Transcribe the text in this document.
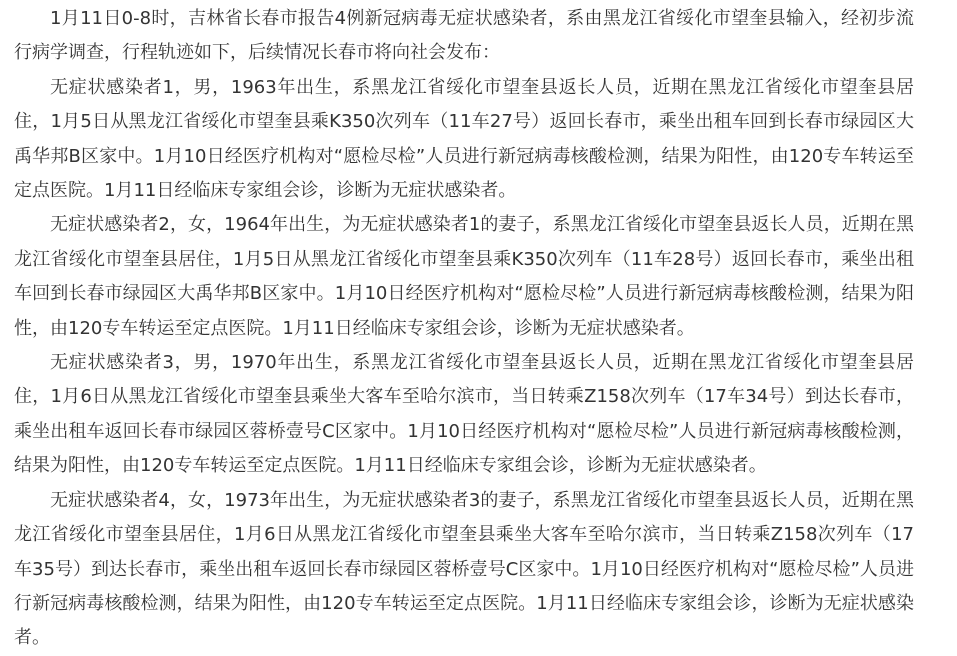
1月11日0-8时，吉林省长春市报告4例新冠病毒无症状感染者，系由黑龙江省绥化市望奎县输入，经初步流行病学调查，行程轨迹如下，后续情况长春市将向社会发布：

无症状感染者1，男，1963年出生，系黑龙江省绥化市望奎县返长人员，近期在黑龙江省绥化市望奎县居住，1月5日从黑龙江省绥化市望奎县乘K350次列车（11车27号）返回长春市，乘坐出租车回到长春市绿园区大禹华邦B区家中。1月10日经医疗机构对“愿检尽检”人员进行新冠病毒核酸检测，结果为阳性，由120专车转运至定点医院。1月11日经临床专家组会诊，诊断为无症状感染者。

无症状感染者2，女，1964年出生，为无症状感染者1的妻子，系黑龙江省绥化市望奎县返长人员，近期在黑龙江省绥化市望奎县居住，1月5日从黑龙江省绥化市望奎县乘K350次列车（11车28号）返回长春市，乘坐出租车回到长春市绿园区大禹华邦B区家中。1月10日经医疗机构对“愿检尽检”人员进行新冠病毒核酸检测，结果为阳性，由120专车转运至定点医院。1月11日经临床专家组会诊，诊断为无症状感染者。

无症状感染者3，男，1970年出生，系黑龙江省绥化市望奎县返长人员，近期在黑龙江省绥化市望奎县居住，1月6日从黑龙江省绥化市望奎县乘坐大客车至哈尔滨市，当日转乘Z158次列车（17车34号）到达长春市，乘坐出租车返回长春市绿园区蓉桥壹号C区家中。1月10日经医疗机构对“愿检尽检”人员进行新冠病毒核酸检测，结果为阳性，由120专车转运至定点医院。1月11日经临床专家组会诊，诊断为无症状感染者。

无症状感染者4，女，1973年出生，为无症状感染者3的妻子，系黑龙江省绥化市望奎县返长人员，近期在黑龙江省绥化市望奎县居住，1月6日从黑龙江省绥化市望奎县乘坐大客车至哈尔滨市，当日转乘Z158次列车（17车35号）到达长春市，乘坐出租车返回长春市绿园区蓉桥壹号C区家中。1月10日经医疗机构对“愿检尽检”人员进行新冠病毒核酸检测，结果为阳性，由120专车转运至定点医院。1月11日经临床专家组会诊，诊断为无症状感染者。
